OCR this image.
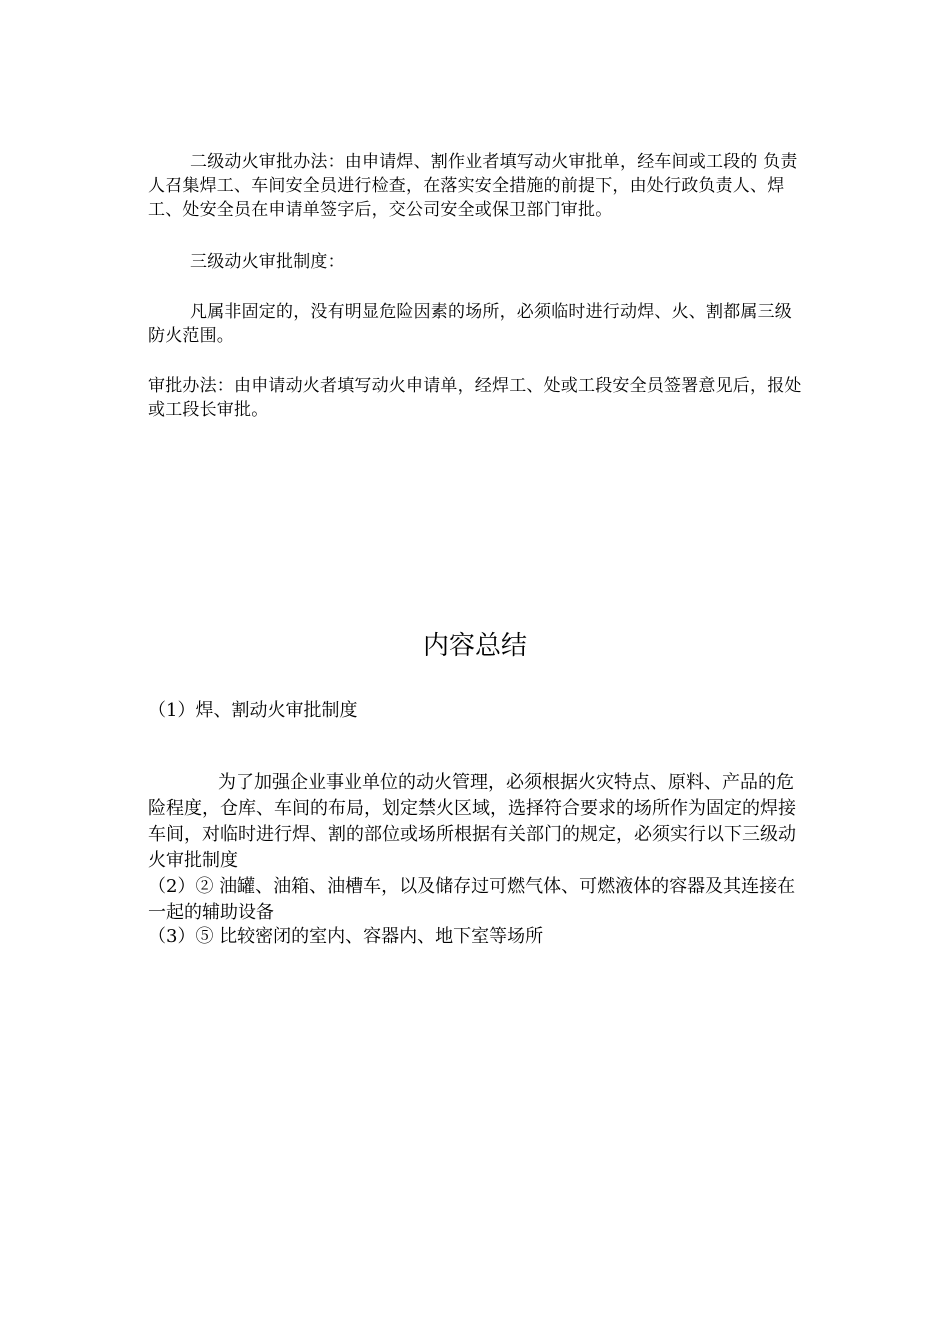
二级动火审批办法：由申请焊、割作业者填写动火审批单，经车间或工段的 负责人召集焊工、车间安全员进行检查，在落实安全措施的前提下，由处行政负责人、焊工、处安全员在申请单签字后，交公司安全或保卫部门审批。

三级动火审批制度：

凡属非固定的，没有明显危险因素的场所，必须临时进行动焊、火、割都属三级防火范围。

审批办法：由申请动火者填写动火申请单，经焊工、处或工段安全员签署意见后，报处或工段长审批。

内容总结

（1）焊、割动火审批制度

为了加强企业事业单位的动火管理，必须根据火灾特点、原料、产品的危险程度，仓库、车间的布局，划定禁火区域，选择符合要求的场所作为固定的焊接车间，对临时进行焊、割的部位或场所根据有关部门的规定，必须实行以下三级动火审批制度

（2）② 油罐、油箱、油槽车，以及储存过可燃气体、可燃液体的容器及其连接在一起的辅助设备

（3）⑤ 比较密闭的室内、容器内、地下室等场所
